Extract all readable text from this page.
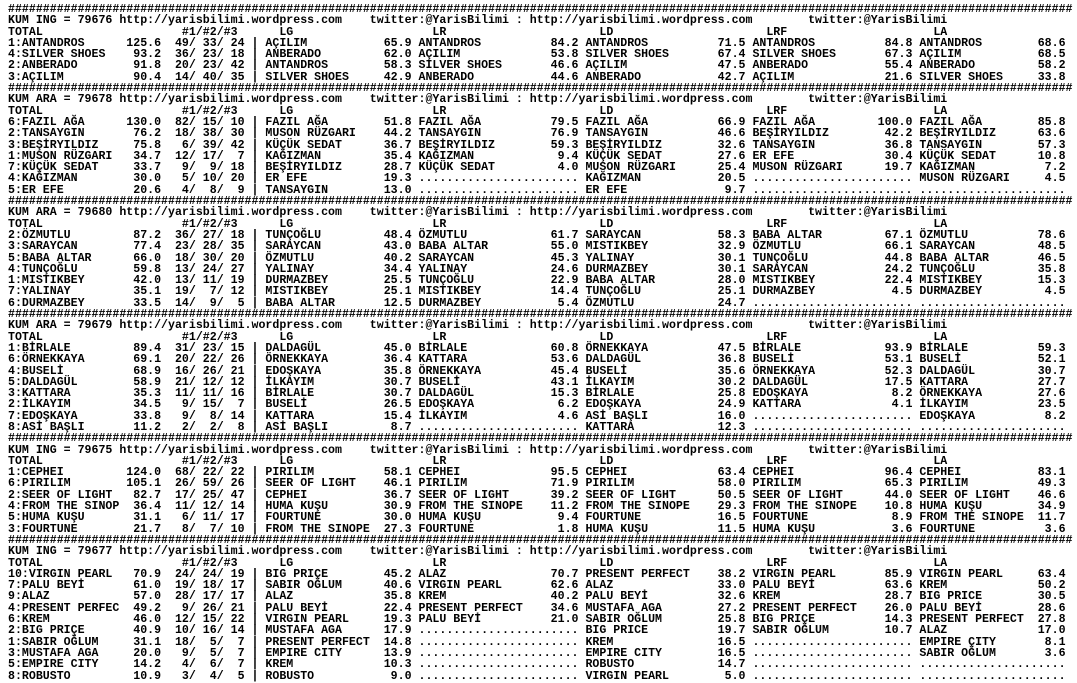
#########################################################################################################################################################
KUM ING = 79676 http://yarisbilimi.wordpress.com    twitter:@YarisBilimi : http://yarisbilimi.wordpress.com        twitter:@YarisBilimi
TOTAL                    #1/#2/#3      LG                    LR                      LD                      LRF                     LA
1:ANTANDROS      125.6  49/ 33/ 24 | AÇILIM           65.9 ANTANDROS          84.2 ANTANDROS          71.5 ANTANDROS          84.8 ANTANDROS        68.6
4:SILVER SHOES    93.2  36/ 23/ 18 | ANBERADO         62.0 AÇILIM             53.8 SILVER SHOES       67.4 SILVER SHOES       67.3 AÇILIM           68.5
2:ANBERADO        91.8  20/ 23/ 42 | ANTANDROS        58.3 SILVER SHOES       46.6 AÇILIM             47.5 ANBERADO           55.4 ANBERADO         58.2
3:AÇILIM          90.4  14/ 40/ 35 | SILVER SHOES     42.9 ANBERADO           44.6 ANBERADO           42.7 AÇILIM             21.6 SILVER SHOES     33.8
#########################################################################################################################################################
KUM ARA = 79678 http://yarisbilimi.wordpress.com    twitter:@YarisBilimi : http://yarisbilimi.wordpress.com        twitter:@YarisBilimi
TOTAL                    #1/#2/#3      LG                    LR                      LD                      LRF                     LA
6:FAZIL AĞA      130.0  82/ 15/ 10 | FAZIL AĞA        51.8 FAZIL AĞA          79.5 FAZIL AĞA          66.9 FAZIL AĞA         100.0 FAZIL AĞA        85.8
2:TANSAYGIN       76.2  18/ 38/ 30 | MUSON RÜZGARI    44.2 TANSAYGIN          76.9 TANSAYGIN          46.6 BEŞİRYILDIZ        42.2 BEŞİRYILDIZ      63.6
3:BEŞİRYILDIZ     75.8   6/ 39/ 42 | KÜÇÜK SEDAT      36.7 BEŞİRYILDIZ        59.3 BEŞİRYILDIZ        32.6 TANSAYGIN          36.8 TANSAYGIN        57.3
1:MUSON RÜZGARI   34.7  12/ 17/  7 | KAĞIZMAN         35.4 KAĞIZMAN            9.4 KÜÇÜK SEDAT        27.6 ER EFE             30.4 KÜÇÜK SEDAT      10.8
7:KÜÇÜK SEDAT     33.7   9/  9/ 18 | BEŞİRYILDIZ      28.7 KÜÇÜK SEDAT         4.0 MUSON RÜZGARI      25.4 MUSON RÜZGARI      19.7 KAĞIZMAN          7.2
4:KAĞIZMAN        30.0   5/ 10/ 20 | ER EFE           19.3 ....................... KAĞIZMAN           20.5 ....................... MUSON RÜZGARI     4.5
5:ER EFE          20.6   4/  8/  9 | TANSAYGIN        13.0 ....................... ER EFE              9.7 ....................... .....................
#########################################################################################################################################################
KUM ARA = 79680 http://yarisbilimi.wordpress.com    twitter:@YarisBilimi : http://yarisbilimi.wordpress.com        twitter:@YarisBilimi
TOTAL                    #1/#2/#3      LG                    LR                      LD                      LRF                     LA
2:ÖZMUTLU         87.2  36/ 27/ 18 | TUNÇOĞLU         48.4 ÖZMUTLU            61.7 SARAYCAN           58.3 BABA ALTAR         67.1 ÖZMUTLU          78.6
3:SARAYCAN        77.4  23/ 28/ 35 | SARAYCAN         43.0 BABA ALTAR         55.0 MISTIKBEY          32.9 ÖZMUTLU            66.1 SARAYCAN         48.5
5:BABA ALTAR      66.0  18/ 30/ 20 | ÖZMUTLU          40.2 SARAYCAN           45.3 YALINAY            30.1 TUNÇOĞLU           44.8 BABA ALTAR       46.5
4:TUNÇOĞLU        59.8  13/ 24/ 27 | YALINAY          34.4 YALINAY            24.6 DURMAZBEY          30.1 SARAYCAN           24.2 TUNÇOĞLU         35.8
1:MISTIKBEY       42.0  13/ 11/ 19 | DURMAZBEY        25.5 TUNÇOĞLU           22.9 BABA ALTAR         28.0 MISTIKBEY          22.4 MISTIKBEY        15.3
7:YALINAY         35.1  19/  7/ 12 | MISTIKBEY        25.1 MISTIKBEY          14.4 TUNÇOĞLU           25.1 DURMAZBEY           4.5 DURMAZBEY         4.5
6:DURMAZBEY       33.5  14/  9/  5 | BABA ALTAR       12.5 DURMAZBEY           5.4 ÖZMUTLU            24.7 ....................... .....................
#########################################################################################################################################################
KUM ARA = 79679 http://yarisbilimi.wordpress.com    twitter:@YarisBilimi : http://yarisbilimi.wordpress.com        twitter:@YarisBilimi
TOTAL                    #1/#2/#3      LG                    LR                      LD                      LRF                     LA
1:BİRLALE         89.4  31/ 23/ 15 | DALDAGÜL         45.0 BİRLALE            60.8 ÖRNEKKAYA          47.5 BİRLALE            93.9 BİRLALE          59.3
6:ÖRNEKKAYA       69.1  20/ 22/ 26 | ÖRNEKKAYA        36.4 KATTARA            53.6 DALDAGÜL           36.8 BUSELİ             53.1 BUSELİ           52.1
4:BUSELİ          68.9  16/ 26/ 21 | EDOŞKAYA         35.8 ÖRNEKKAYA          45.4 BUSELİ             35.6 ÖRNEKKAYA          52.3 DALDAGÜL         30.7
5:DALDAGÜL        58.9  21/ 12/ 12 | İLKAYIM          30.7 BUSELİ             43.1 İLKAYIM            30.2 DALDAGÜL           17.5 KATTARA          27.7
3:KATTARA         35.3  11/ 11/ 16 | BİRLALE          30.7 DALDAGÜL           15.3 BİRLALE            25.8 EDOŞKAYA            8.2 ÖRNEKKAYA        27.6
2:İLKAYIM         34.5   9/ 15/  7 | BUSELİ           26.5 EDOŞKAYA            6.2 EDOŞKAYA           24.9 KATTARA             4.1 İLKAYIM          23.5
7:EDOŞKAYA        33.8   9/  8/ 14 | KATTARA          15.4 İLKAYIM             4.6 ASİ BAŞLI          16.0 ....................... EDOŞKAYA          8.2
8:ASİ BAŞLI       11.2   2/  2/  8 | ASİ BAŞLI         8.7 ....................... KATTARA            12.3 ....................... .....................
#########################################################################################################################################################
KUM ING = 79675 http://yarisbilimi.wordpress.com    twitter:@YarisBilimi : http://yarisbilimi.wordpress.com        twitter:@YarisBilimi
TOTAL                    #1/#2/#3      LG                    LR                      LD                      LRF                     LA
1:CEPHEI         124.0  68/ 22/ 22 | PIRILIM          58.1 CEPHEI             95.5 CEPHEI             63.4 CEPHEI             96.4 CEPHEI           83.1
6:PIRILIM        105.1  26/ 59/ 26 | SEER OF LIGHT    46.1 PIRILIM            71.9 PIRILIM            58.0 PIRILIM            65.3 PIRILIM          49.3
2:SEER OF LIGHT   82.7  17/ 25/ 47 | CEPHEI           36.7 SEER OF LIGHT      39.2 SEER OF LIGHT      50.5 SEER OF LIGHT      44.0 SEER OF LIGHT    46.6
4:FROM THE SINOP  36.4  11/ 12/ 14 | HUMA KUŞU        30.9 FROM THE SINOPE    11.2 FROM THE SINOPE    29.3 FROM THE SINOPE    10.8 HUMA KUŞU        34.9
5:HUMA KUŞU       31.1   6/ 11/ 17 | FOURTUNE         30.0 HUMA KUŞU           9.4 FOURTUNE           16.5 FOURTUNE            8.9 FROM THE SINOPE  11.7
3:FOURTUNE        21.7   8/  7/ 10 | FROM THE SINOPE  27.3 FOURTUNE            1.8 HUMA KUŞU          11.5 HUMA KUŞU           3.6 FOURTUNE          3.6
#########################################################################################################################################################
KUM ING = 79677 http://yarisbilimi.wordpress.com    twitter:@YarisBilimi : http://yarisbilimi.wordpress.com        twitter:@YarisBilimi
TOTAL                    #1/#2/#3      LG                    LR                      LD                      LRF                     LA
10:VIRGIN PEARL   70.9  24/ 24/ 19 | BIG PRIÇE        45.2 ALAZ               70.7 PRESENT PERFECT    38.2 VIRGIN PEARL       85.9 VIRGIN PEARL     63.4
7:PALU BEYİ       61.0  19/ 18/ 17 | SABIR OĞLUM      40.6 VIRGIN PEARL       62.6 ALAZ               33.0 PALU BEYİ          63.6 KREM             50.2
9:ALAZ            57.0  28/ 17/ 17 | ALAZ             35.8 KREM               40.2 PALU BEYİ          32.6 KREM               28.7 BIG PRICE        30.5
4:PRESENT PERFEC  49.2   9/ 26/ 21 | PALU BEYİ        22.4 PRESENT PERFECT    34.6 MUSTAFA AGA        27.2 PRESENT PERFECT    26.0 PALU BEYİ        28.6
6:KREM            46.0  12/ 15/ 22 | VIRGIN PEARL     19.3 PALU BEYİ          21.0 SABIR OĞLUM        25.8 BIG PRIÇE          14.3 PRESENT PERFECT  27.8
2:BIG PRIÇE       40.9  10/ 16/ 14 | MUSTAFA AGA      17.9 ....................... BIG PRICE          19.7 SABIR OĞLUM        10.7 ALAZ             17.0
1:SABIR OĞLUM     31.1  18/  5/  7 | PRESENT PERFECT  14.8 ....................... KREM               16.5 ....................... EMPIRE ÇITY       8.1
3:MUSTAFA AGA     20.0   9/  5/  7 | EMPIRE CITY      13.9 ....................... EMPIRE CITY        16.5 ....................... SABIR OĞLUM       3.6
5:EMPIRE CITY     14.2   4/  6/  7 | KREM             10.3 ....................... ROBUSTO            14.7 ....................... .....................
8:ROBUSTO         10.9   3/  4/  5 | ROBUSTO           9.0 ....................... VIRGIN PEARL        5.0 ....................... .....................
